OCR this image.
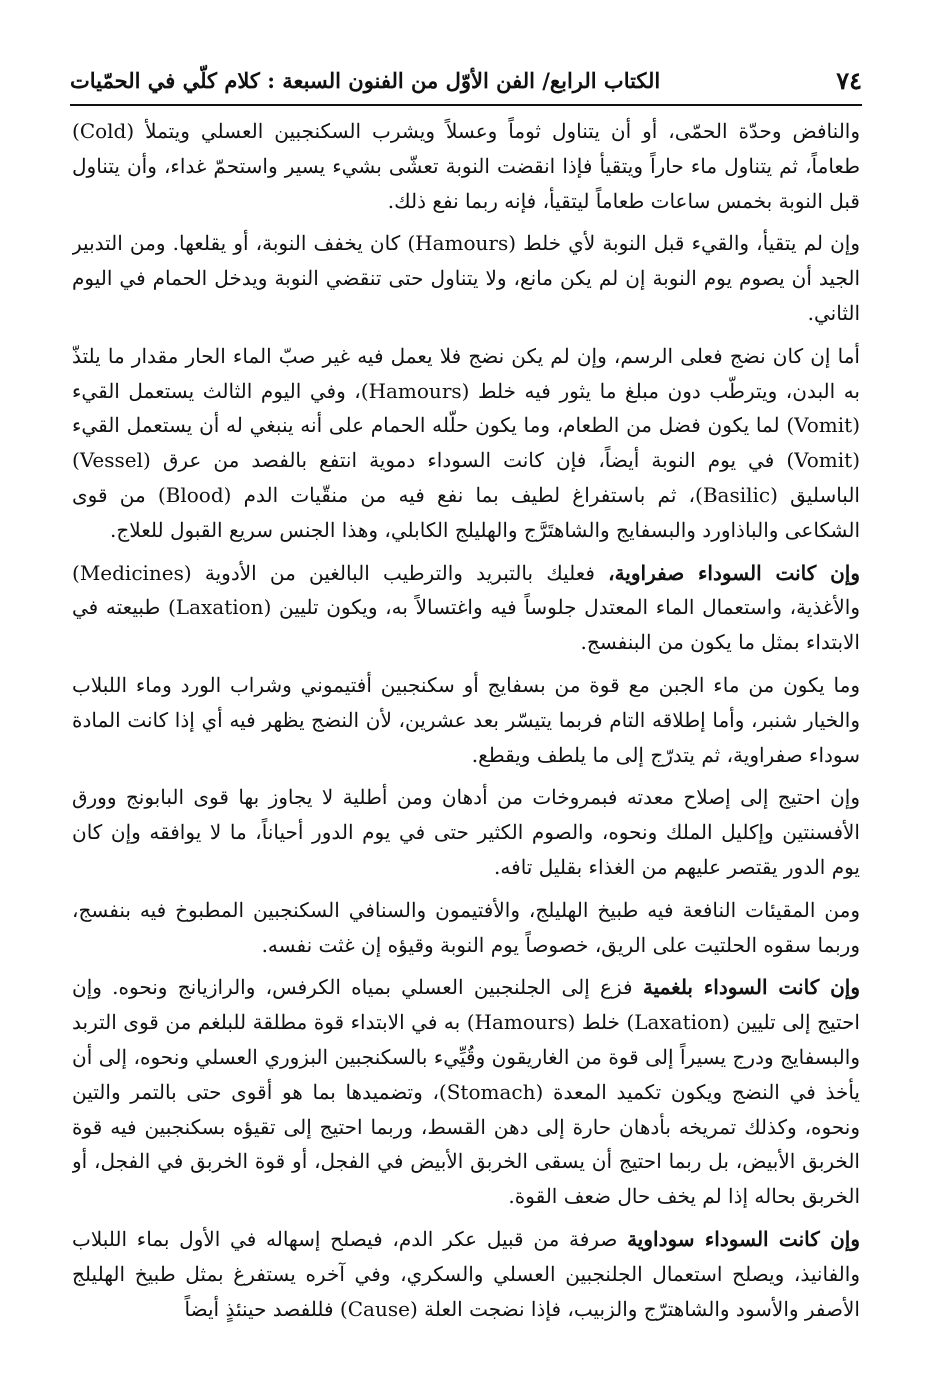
٧٤
الكتاب الرابع/ الفن الأوّل من الفنون السبعة : كلام كلّي في الحمّيات

والنافض وحدّة الحمّى، أو أن يتناول ثوماً وعسلاً ويشرب السكنجبين العسلي ويتملأ (Cold) طعاماً، ثم يتناول ماء حاراً ويتقيأ فإذا انقضت النوبة تعشّى بشيء يسير واستحمّ غداء، وأن يتناول قبل النوبة بخمس ساعات طعاماً ليتقيأ، فإنه ربما نفع ذلك.

وإن لم يتقيأ، والقيء قبل النوبة لأي خلط (Hamours) كان يخفف النوبة، أو يقلعها. ومن التدبير الجيد أن يصوم يوم النوبة إن لم يكن مانع، ولا يتناول حتى تنقضي النوبة ويدخل الحمام في اليوم الثاني.

أما إن كان نضج فعلى الرسم، وإن لم يكن نضج فلا يعمل فيه غير صبّ الماء الحار مقدار ما يلتذّ به البدن، ويترطّب دون مبلغ ما يثور فيه خلط (Hamours)، وفي اليوم الثالث يستعمل القيء (Vomit) لما يكون فضل من الطعام، وما يكون حلّله الحمام على أنه ينبغي له أن يستعمل القيء (Vomit) في يوم النوبة أيضاً، فإن كانت السوداء دموية انتفع بالفصد من عرق (Vessel) الباسليق (Basilic)، ثم باستفراغ لطيف بما نفع فيه من منقّيات الدم (Blood) من قوى الشكاعى والباذاورد والبسفايج والشاهتَرَّج والهليلج الكابلي، وهذا الجنس سريع القبول للعلاج.

وإن كانت السوداء صفراوية، فعليك بالتبريد والترطيب البالغين من الأدوية (Medicines) والأغذية، واستعمال الماء المعتدل جلوساً فيه واغتسالاً به، ويكون تليين (Laxation) طبيعته في الابتداء بمثل ما يكون من البنفسج.

وما يكون من ماء الجبن مع قوة من بسفايج أو سكنجبين أفتيموني وشراب الورد وماء اللبلاب والخيار شنبر، وأما إطلاقه التام فربما يتيسّر بعد عشرين، لأن النضج يظهر فيه أي إذا كانت المادة سوداء صفراوية، ثم يتدرّج إلى ما يلطف ويقطع.

وإن احتيج إلى إصلاح معدته فبمروخات من أدهان ومن أطلية لا يجاوز بها قوى البابونج وورق الأفسنتين وإكليل الملك ونحوه، والصوم الكثير حتى في يوم الدور أحياناً، ما لا يوافقه وإن كان يوم الدور يقتصر عليهم من الغذاء بقليل تافه.

ومن المقيئات النافعة فيه طبيخ الهليلج، والأفتيمون والسنافي السكنجبين المطبوخ فيه بنفسج، وربما سقوه الحلتيت على الريق، خصوصاً يوم النوبة وقيؤه إن غثت نفسه.

وإن كانت السوداء بلغمية فزع إلى الجلنجبين العسلي بمياه الكرفس، والرازيانج ونحوه. وإن احتيج إلى تليين (Laxation) خلط (Hamours) به في الابتداء قوة مطلقة للبلغم من قوى التربد والبسفايج ودرج يسيراً إلى قوة من الغاريقون وقُيِّيء بالسكنجبين البزوري العسلي ونحوه، إلى أن يأخذ في النضج ويكون تكميد المعدة (Stomach)، وتضميدها بما هو أقوى حتى بالتمر والتين ونحوه، وكذلك تمريخه بأدهان حارة إلى دهن القسط، وربما احتيج إلى تقيؤه بسكنجبين فيه قوة الخربق الأبيض، بل ربما احتيج أن يسقى الخربق الأبيض في الفجل، أو قوة الخربق في الفجل، أو الخربق بحاله إذا لم يخف حال ضعف القوة.

وإن كانت السوداء سوداوية صرفة من قبيل عكر الدم، فيصلح إسهاله في الأول بماء اللبلاب والفانيذ، ويصلح استعمال الجلنجبين العسلي والسكري، وفي آخره يستفرغ بمثل طبيخ الهليلج الأصفر والأسود والشاهترّج والزبيب، فإذا نضجت العلة (Cause) فللفصد حينئذٍ أيضاً
